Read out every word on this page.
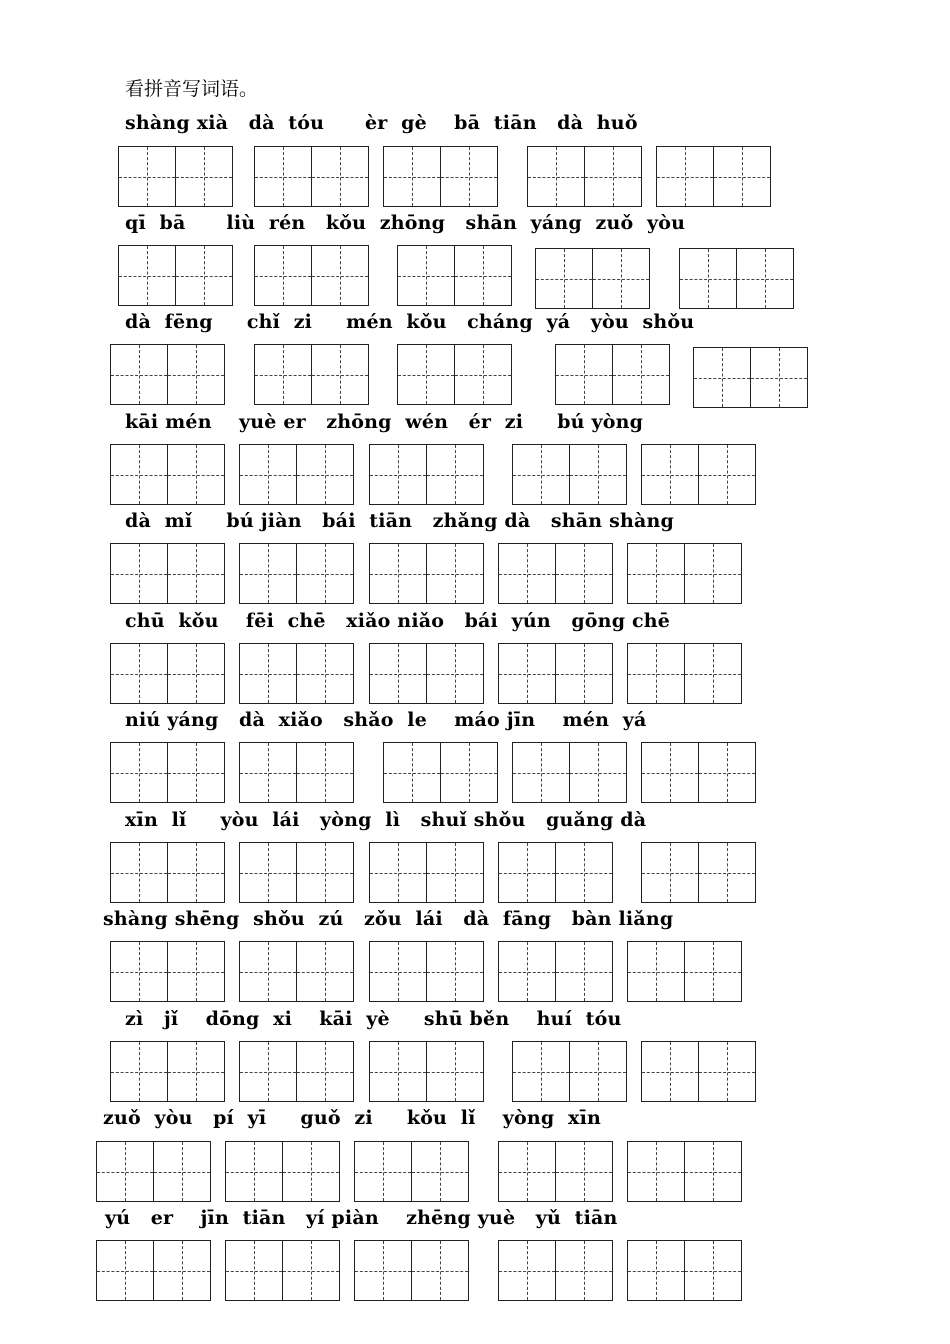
看拼音写词语。
shàng xià   dà  tóu      èr  gè    bā  tiān   dà  huǒ
qī  bā      liù  rén   kǒu  zhōng   shān  yáng  zuǒ  yòu
dà  fēng     chǐ  zi     mén  kǒu   cháng  yá   yòu  shǒu
kāi mén    yuè er   zhōng  wén   ér  zi     bú yòng
dà  mǐ     bú jiàn   bái  tiān   zhǎng dà   shān shàng
chū  kǒu    fēi  chē   xiǎo niǎo   bái  yún   gōng chē
niú yáng   dà  xiǎo   shǎo  le    máo jīn    mén  yá
xīn  lǐ     yòu  lái   yòng  lì   shuǐ shǒu   guǎng dà
shàng shēng  shǒu  zú   zǒu  lái   dà  fāng   bàn liǎng
zì   jǐ    dōng  xi    kāi  yè     shū běn    huí  tóu
zuǒ  yòu   pí  yī     guǒ  zi     kǒu  lǐ    yòng  xīn
yú   er    jīn  tiān   yí piàn    zhēng yuè   yǔ  tiān
